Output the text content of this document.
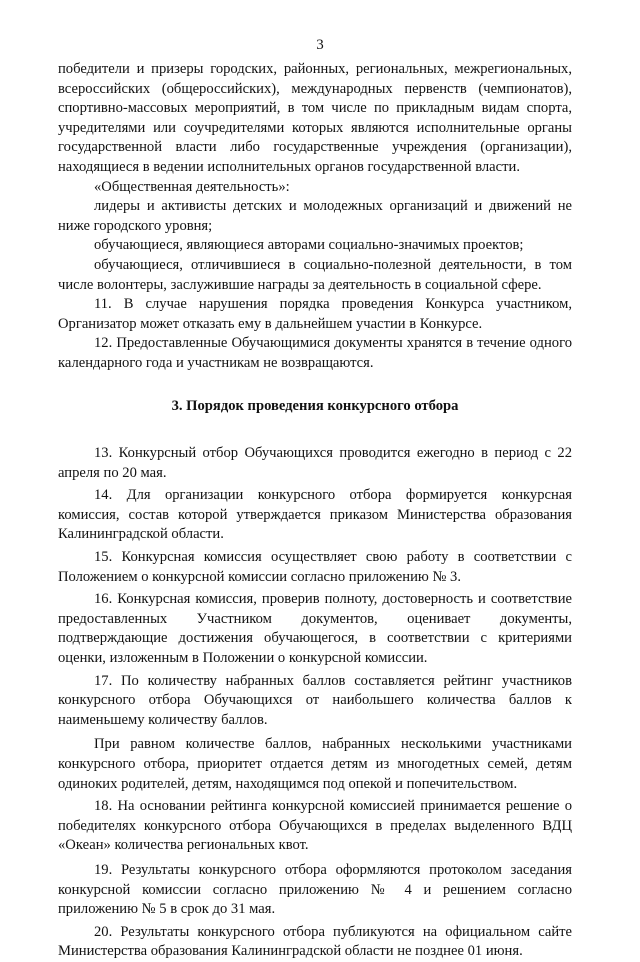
3

победители и призеры городских, районных, региональных, межрегиональных, всероссийских (общероссийских), международных первенств (чемпионатов), спортивно-массовых мероприятий, в том числе по прикладным видам спорта, учредителями или соучредителями которых являются исполнительные органы государственной власти либо государственные учреждения (организации), находящиеся в ведении исполнительных органов государственной власти.

«Общественная деятельность»:

лидеры и активисты детских и молодежных организаций и движений не ниже городского уровня;

обучающиеся, являющиеся авторами социально-значимых проектов;

обучающиеся, отличившиеся в социально-полезной деятельности, в том числе волонтеры, заслужившие награды за деятельность в социальной сфере.

11. В случае нарушения порядка проведения Конкурса участником, Организатор может отказать ему в дальнейшем участии в Конкурсе.

12. Предоставленные Обучающимися документы хранятся в течение одного календарного года и участникам не возвращаются.

3. Порядок проведения конкурсного отбора

13. Конкурсный отбор Обучающихся проводится ежегодно в период с 22 апреля по 20 мая.

14. Для организации конкурсного отбора формируется конкурсная комиссия, состав которой утверждается приказом Министерства образования Калининградской области.

15. Конкурсная комиссия осуществляет свою работу в соответствии с Положением о конкурсной комиссии согласно приложению № 3.

16. Конкурсная комиссия, проверив полноту, достоверность и соответствие предоставленных Участником документов, оценивает документы, подтверждающие достижения обучающегося, в соответствии с критериями оценки, изложенным в Положении о конкурсной комиссии.

17. По количеству набранных баллов составляется рейтинг участников конкурсного отбора Обучающихся от наибольшего количества баллов к наименьшему количеству баллов.

При равном количестве баллов, набранных несколькими участниками конкурсного отбора, приоритет отдается детям из многодетных семей, детям одиноких родителей, детям, находящимся под опекой и попечительством.

18. На основании рейтинга конкурсной комиссией принимается решение о победителях конкурсного отбора Обучающихся в пределах выделенного ВДЦ «Океан» количества региональных квот.

19. Результаты конкурсного отбора оформляются протоколом заседания конкурсной комиссии согласно приложению № 4 и решением согласно приложению № 5 в срок до 31 мая.

20. Результаты конкурсного отбора публикуются на официальном сайте Министерства образования Калининградской области не позднее 01 июня.
